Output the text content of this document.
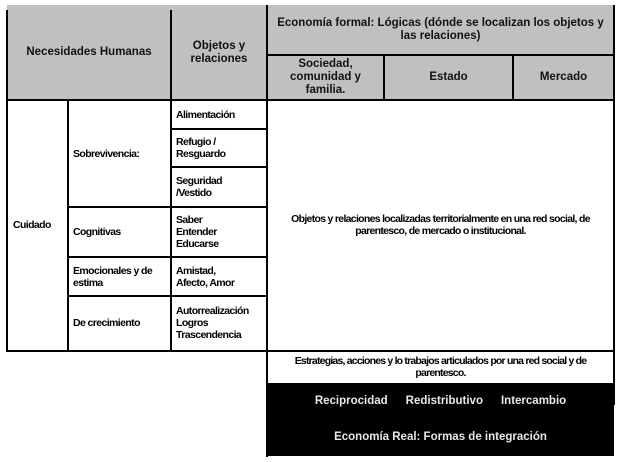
Necesidades Humanas
Objetos y relaciones
Economía formal: Lógicas (dónde se localizan los objetos y las relaciones)
Sociedad, comunidad y familia.
Estado	Mercado
Cuidado
Sobrevivencia:
Cognitivas
Emocionales y de estima
De crecimiento
Alimentación
Refugio / Resguardo
Seguridad /Vestido
Saber Entender Educarse
Amistad, Afecto, Amor
Autorrealización Logros Trascendencia
Objetos y relaciones localizadas territorialmente en una red social, de parentesco, de mercado o institucional.
Estrategias, acciones y lo trabajos articulados por una red social y de parentesco.
Reciprocidad Redistributivo Intercambio
Economía Real: Formas de integración
